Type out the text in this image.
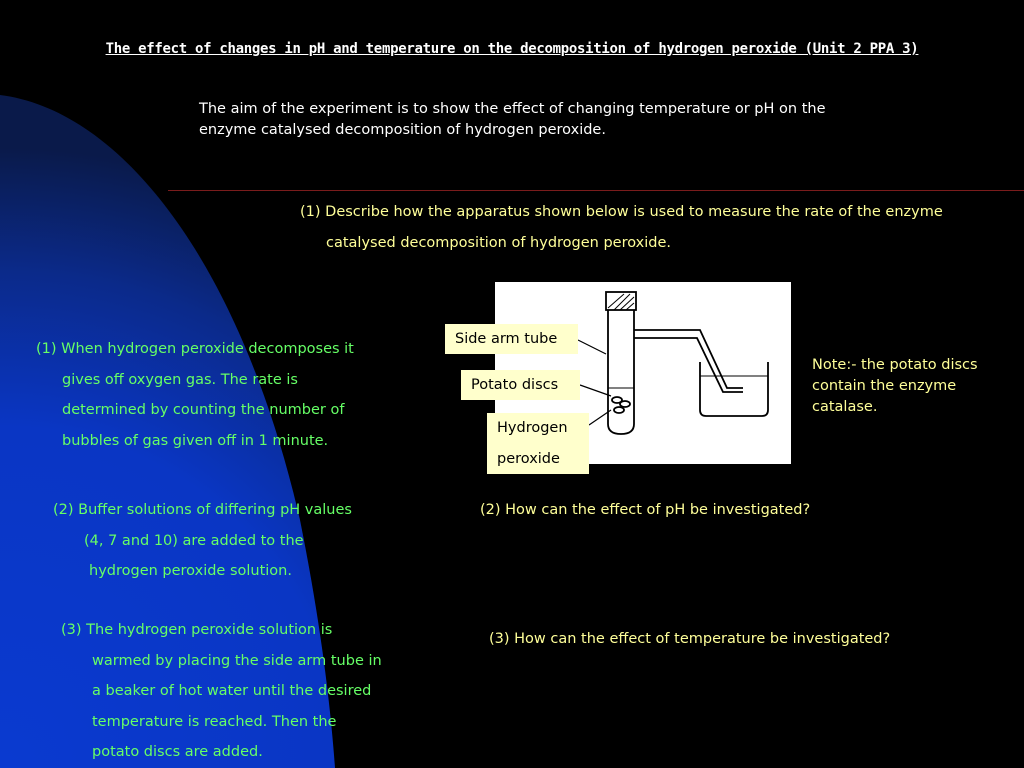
The effect of changes in pH and temperature on the decomposition of hydrogen peroxide (Unit 2 PPA 3)
The aim of the experiment is to show the effect of changing temperature or pH on the
enzyme catalysed decomposition of hydrogen peroxide.
(1) Describe how the apparatus shown below is used to measure the rate of the enzyme
catalysed decomposition of hydrogen peroxide.
Side arm tube
Potato discs
Hydrogen
peroxide
Note:- the potato discs
contain the enzyme
catalase.
(1) When hydrogen peroxide decomposes it
gives off oxygen gas. The rate is
determined by counting the number of
bubbles of gas given off in 1 minute.
(2) How can the effect of pH be investigated?
(2) Buffer solutions of differing pH values
(4, 7 and 10) are added to the
hydrogen peroxide solution.
(3) How can the effect of temperature be investigated?
(3) The hydrogen peroxide solution is
warmed by placing the side arm tube in
a beaker of hot water until the desired
temperature is reached. Then the
potato discs are added.
